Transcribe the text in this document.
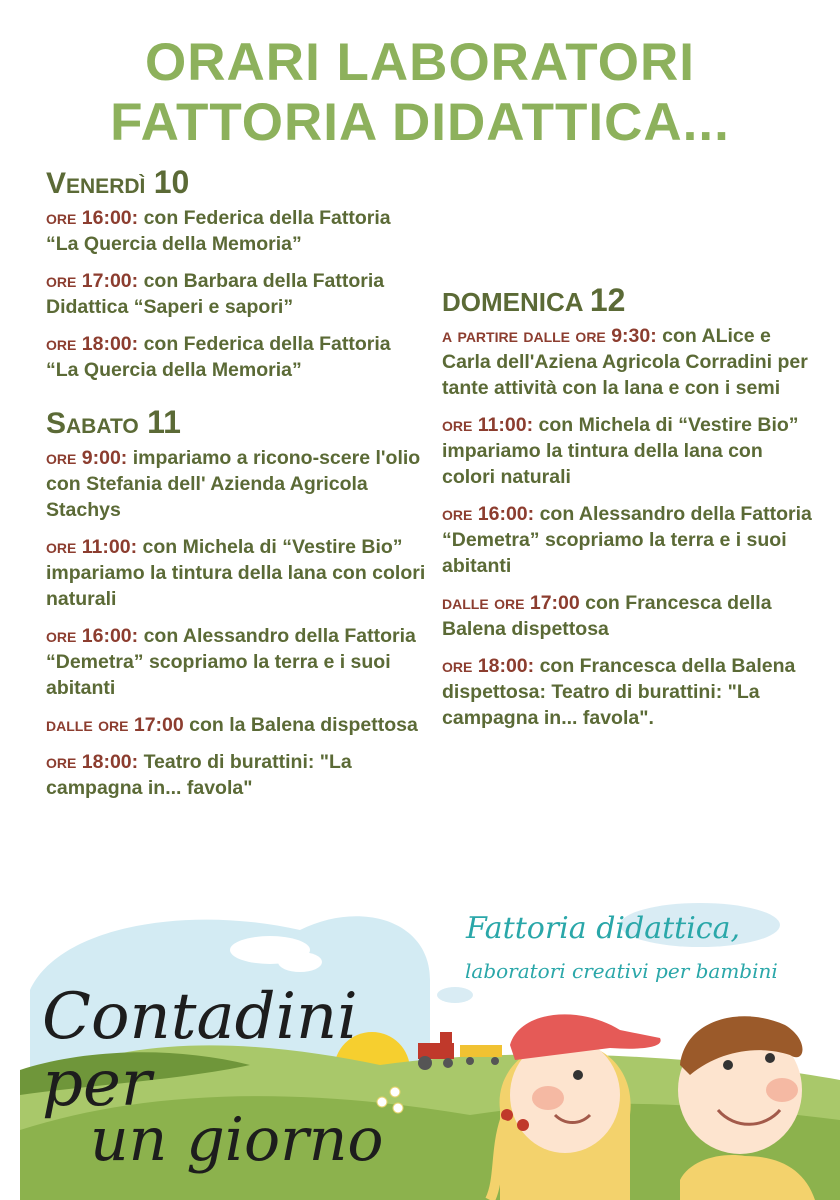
ORARI LABORATORI
FATTORIA DIDATTICA...
Venerdì 10
ore 16:00: con Federica della Fattoria “La Quercia della Memoria”
ore 17:00: con Barbara della Fattoria Didattica “Saperi e sapori”
ore 18:00: con Federica della Fattoria “La Quercia della Memoria”
Sabato 11
ore 9:00: impariamo a ricono-scere l'olio con Stefania dell' Azienda Agricola Stachys
ore 11:00: con Michela di “Vestire Bio” impariamo la tintura della lana con colori naturali
ore 16:00: con Alessandro della Fattoria “Demetra” scopriamo la terra e i suoi abitanti
dalle ore 17:00 con la Balena dispettosa
ore 18:00: Teatro di burattini: "La campagna in... favola"
DOMENICA 12
a partire dalle ore 9:30: con ALice e Carla dell'Aziena Agricola Corradini per tante attività con la lana e con i semi
ore 11:00: con Michela di “Vestire Bio” impariamo la tintura della lana con colori naturali
ore 16:00: con Alessandro della Fattoria “Demetra” scopriamo la terra e i suoi abitanti
dalle ore 17:00 con Francesca della Balena dispettosa
ore 18:00: con Francesca della Balena dispettosa: Teatro di burattini: "La campagna in... favola".
Contadini
per
un giorno
Fattoria didattica,
laboratori creativi per bambini
